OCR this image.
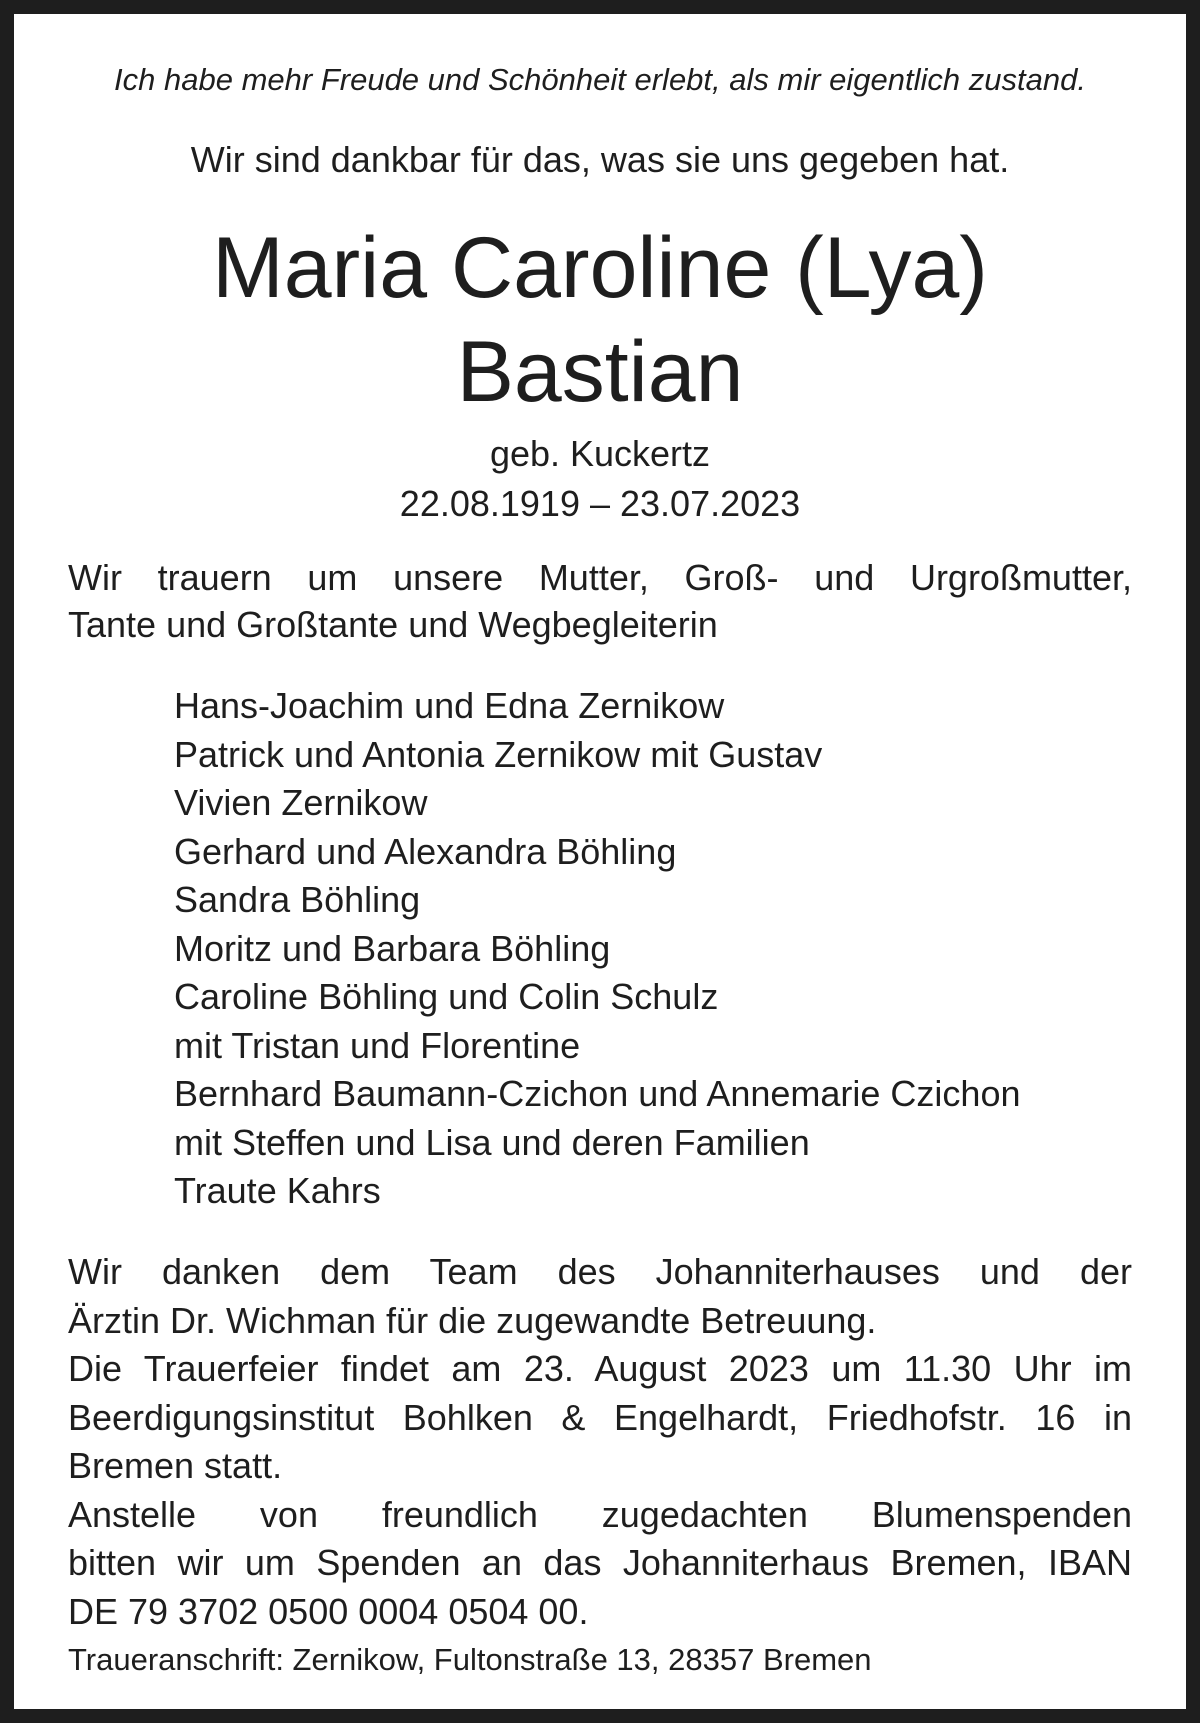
Ich habe mehr Freude und Schönheit erlebt, als mir eigentlich zustand.

Wir sind dankbar für das, was sie uns gegeben hat.

Maria Caroline (Lya)
Bastian

geb. Kuckertz

22.08.1919 – 23.07.2023

Wir trauern um unsere Mutter, Groß- und Urgroßmutter,
Tante und Großtante und Wegbegleiterin

Hans-Joachim und Edna Zernikow
Patrick und Antonia Zernikow mit Gustav
Vivien Zernikow
Gerhard und Alexandra Böhling
Sandra Böhling
Moritz und Barbara Böhling
Caroline Böhling und Colin Schulz
mit Tristan und Florentine
Bernhard Baumann-Czichon und Annemarie Czichon
mit Steffen und Lisa und deren Familien
Traute Kahrs
Wir danken dem Team des Johanniterhauses und der
Ärztin Dr. Wichman für die zugewandte Betreuung.
Die Trauerfeier findet am 23. August 2023 um 11.30 Uhr im
Beerdigungsinstitut Bohlken & Engelhardt, Friedhofstr. 16 in
Bremen statt.
Anstelle von freundlich zugedachten Blumenspenden
bitten wir um Spenden an das Johanniterhaus Bremen, IBAN
DE 79 3702 0500 0004 0504 00.

Traueranschrift: Zernikow, Fultonstraße 13, 28357 Bremen
